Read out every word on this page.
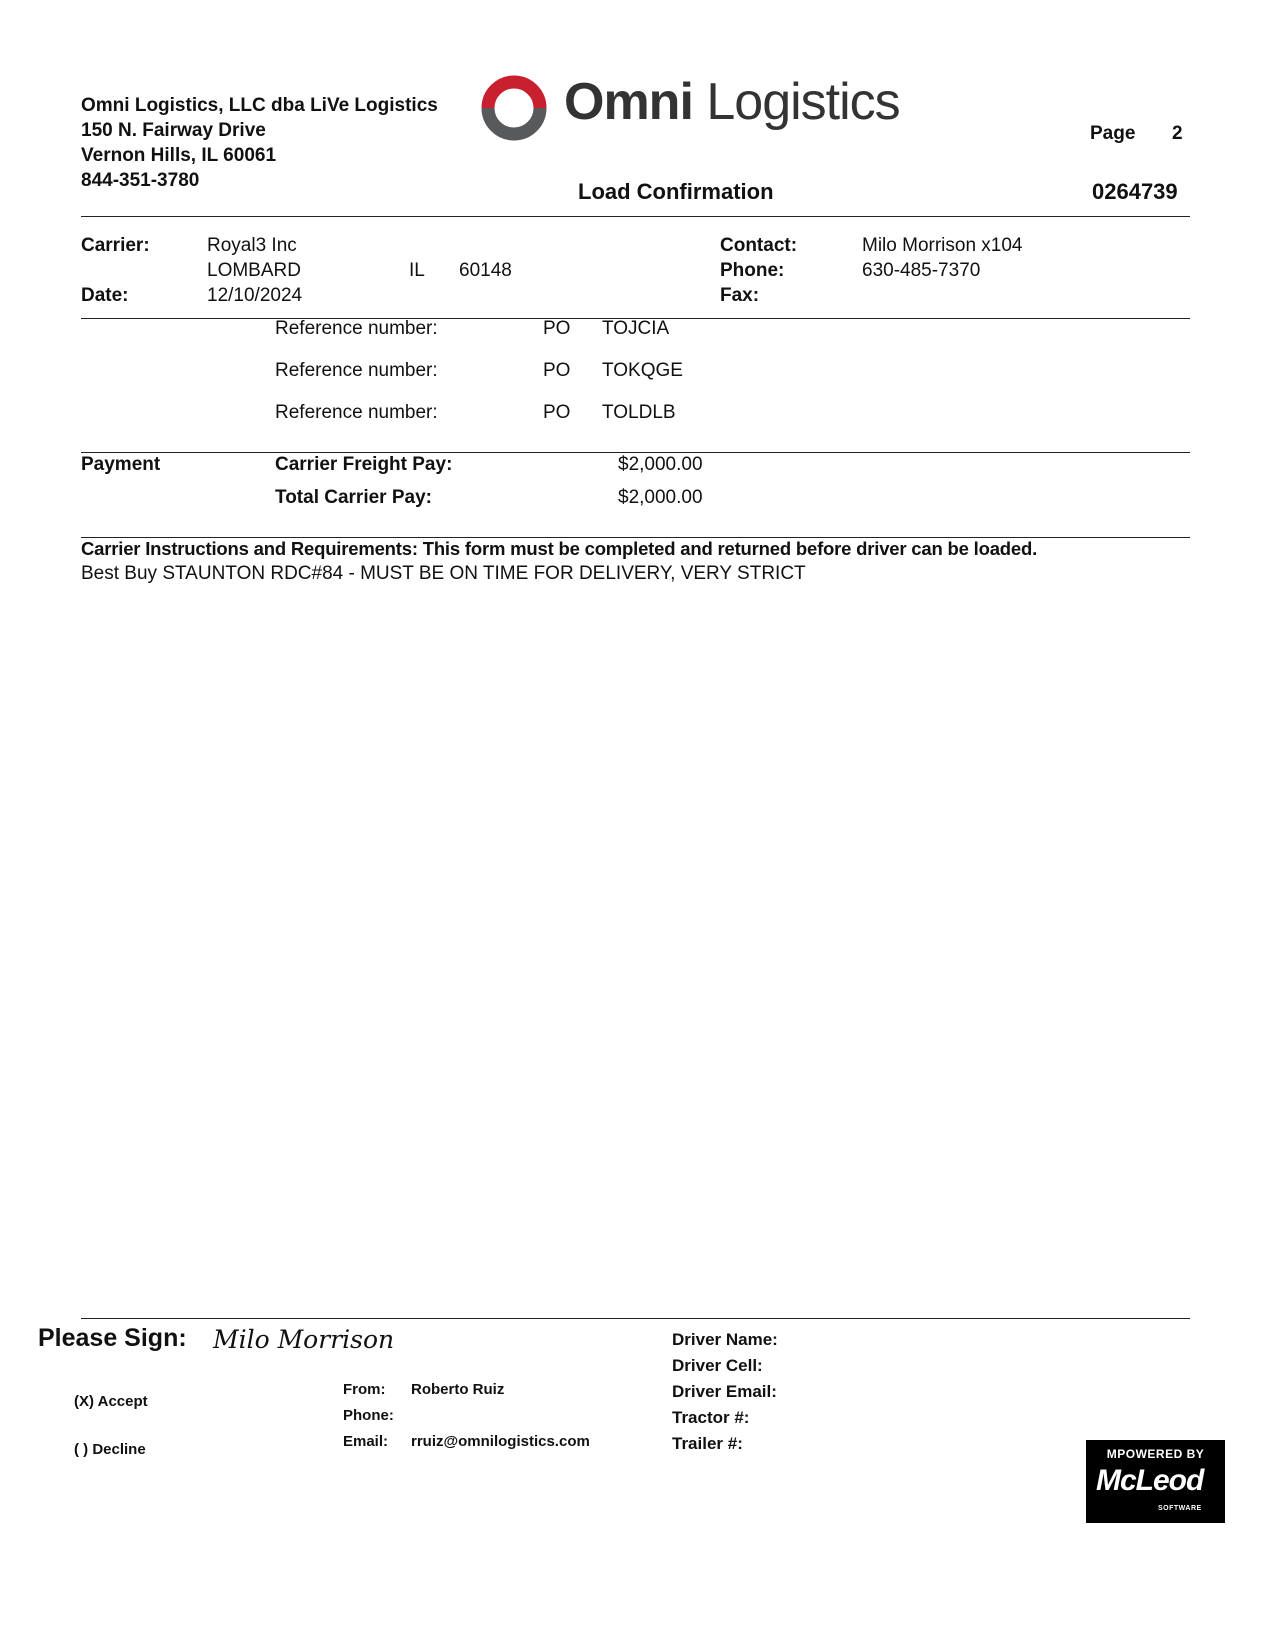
Omni Logistics, LLC dba LiVe Logistics
150 N. Fairway Drive
Vernon Hills, IL 60061
844-351-3780
Omni Logistics
Page 2
Load Confirmation	0264739
Carrier:	Royal3 Inc
LOMBARD	IL 60148
Date:	12/10/2024
Contact:	Milo Morrison x104
Phone:	630-485-7370
Fax:
Reference number:	PO TOJCIA
Reference number:	PO TOKQGE
Reference number:	PO TOLDLB
Payment	Carrier Freight Pay:	$2,000.00
Total Carrier Pay:	$2,000.00
Carrier Instructions and Requirements: This form must be completed and returned before driver can be loaded.
Best Buy STAUNTON RDC#84 - MUST BE ON TIME FOR DELIVERY, VERY STRICT
Please Sign: Milo Morrison
(X) Accept
( ) Decline
From: Roberto Ruiz
Phone:
Email: rruiz@omnilogistics.com
Driver Name:
Driver Cell:
Driver Email:
Tractor #:
Trailer #:
MPOWERED BY
McLeod
SOFTWARE
